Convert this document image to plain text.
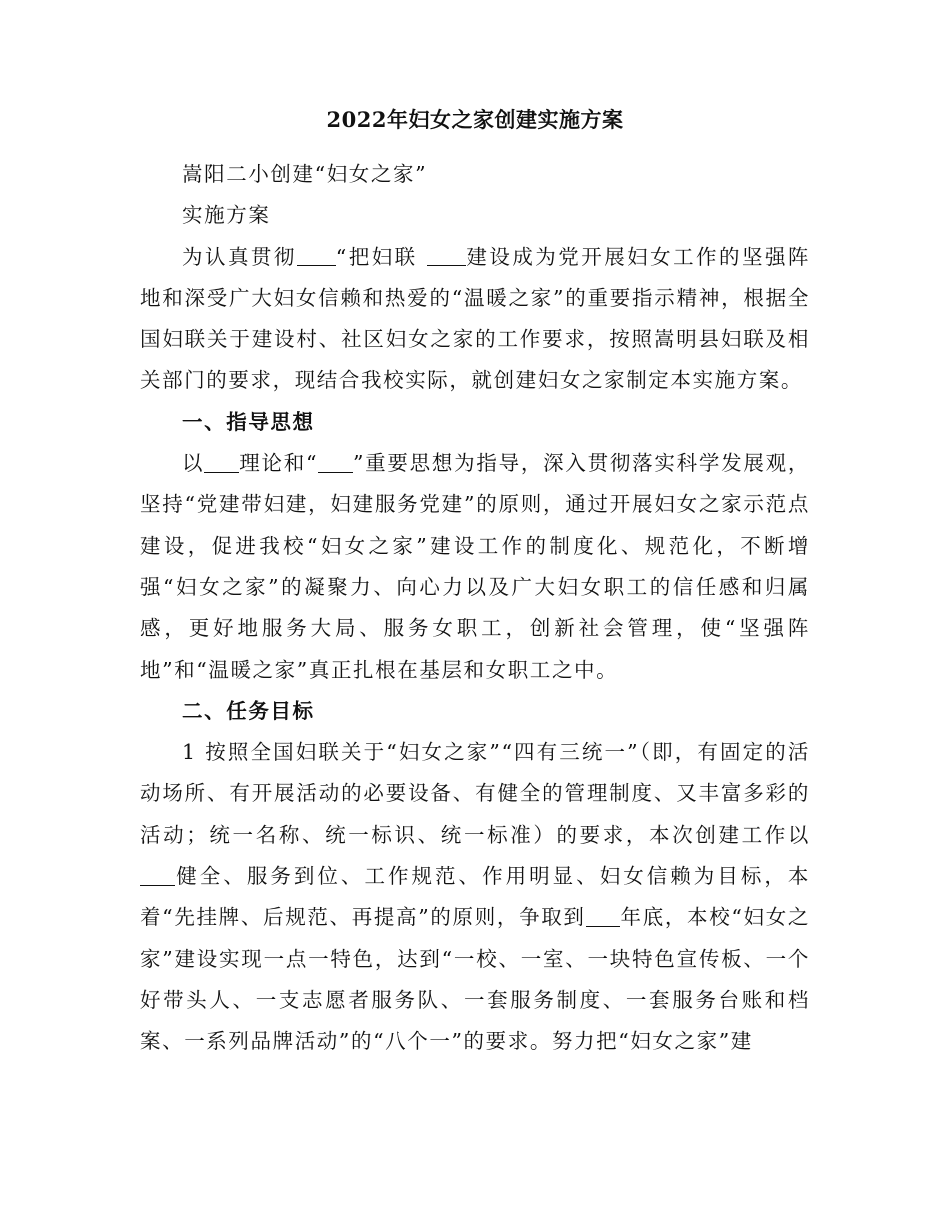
2022年妇女之家创建实施方案

嵩阳二小创建“妇女之家”

实施方案

为认真贯彻 “把妇联 建设成为党开展妇女工作的坚强阵地和深受广大妇女信赖和热爱的“温暖之家”的重要指示精神，根据全国妇联关于建设村、社区妇女之家的工作要求，按照嵩明县妇联及相关部门的要求，现结合我校实际，就创建妇女之家制定本实施方案。

一、指导思想

以 理论和“ ”重要思想为指导，深入贯彻落实科学发展观，坚持“党建带妇建，妇建服务党建”的原则，通过开展妇女之家示范点建设，促进我校“妇女之家”建设工作的制度化、规范化，不断增强“妇女之家”的凝聚力、向心力以及广大妇女职工的信任感和归属感，更好地服务大局、服务女职工，创新社会管理，使“坚强阵地”和“温暖之家”真正扎根在基层和女职工之中。

二、任务目标

1 按照全国妇联关于“妇女之家”“四有三统一”（即，有固定的活动场所、有开展活动的必要设备、有健全的管理制度、又丰富多彩的活动；统一名称、统一标识、统一标准）的要求，本次创建工作以健全、服务到位、工作规范、作用明显、妇女信赖为目标，本着“先挂牌、后规范、再提高”的原则，争取到 年底，本校“妇女之家”建设实现一点一特色，达到“一校、一室、一块特色宣传板、一个好带头人、一支志愿者服务队、一套服务制度、一套服务台账和档案、一系列品牌活动”的“八个一”的要求。努力把“妇女之家”建
